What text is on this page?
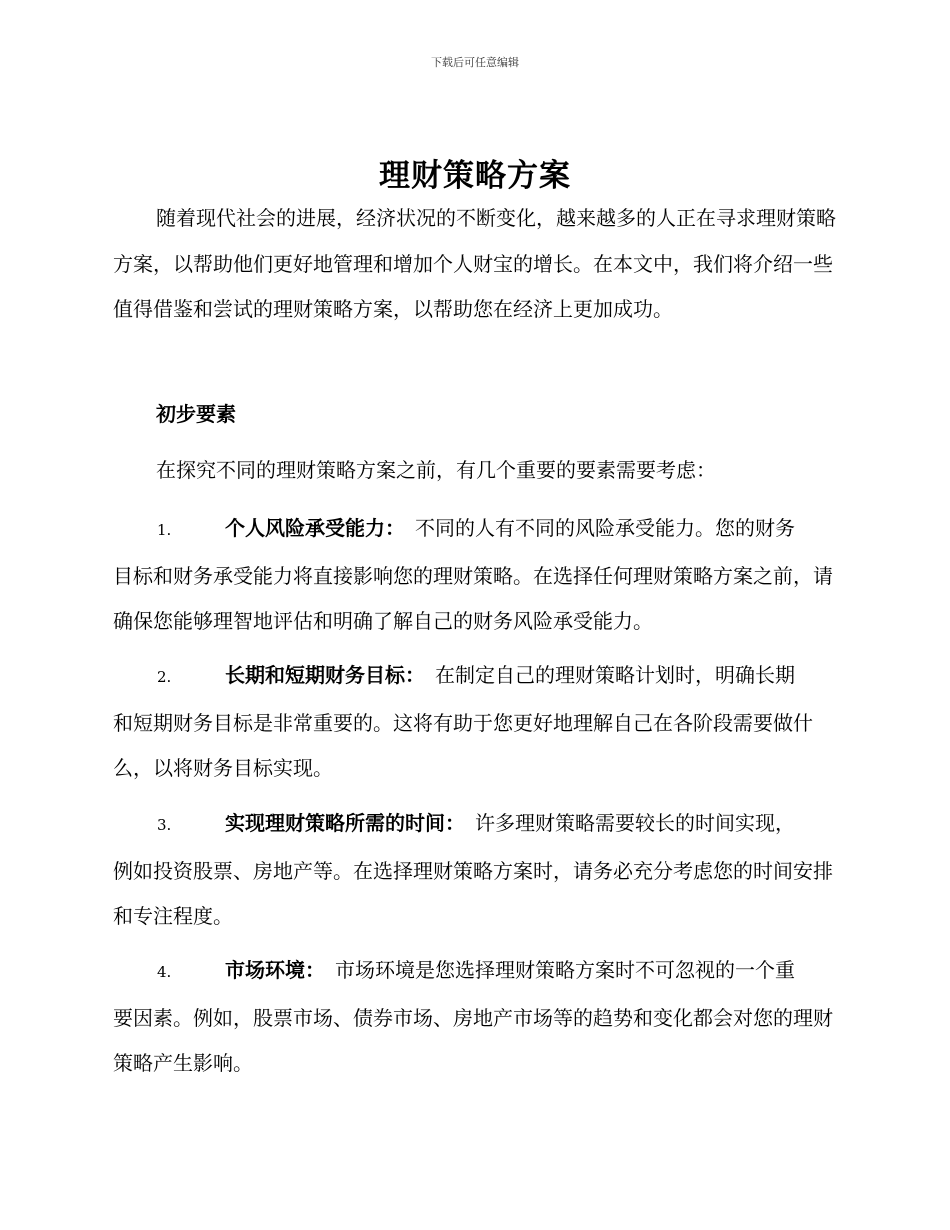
下载后可任意编辑
理财策略方案

随着现代社会的进展，经济状况的不断变化，越来越多的人正在寻求理财策略方案，以帮助他们更好地管理和增加个人财宝的增长。在本文中，我们将介绍一些值得借鉴和尝试的理财策略方案，以帮助您在经济上更加成功。

初步要素
在探究不同的理财策略方案之前，有几个重要的要素需要考虑：
1.	个人风险承受能力： 不同的人有不同的风险承受能力。您的财务
目标和财务承受能力将直接影响您的理财策略。在选择任何理财策略方案之前，请确保您能够理智地评估和明确了解自己的财务风险承受能力。
2.	长期和短期财务目标： 在制定自己的理财策略计划时，明确长期
和短期财务目标是非常重要的。这将有助于您更好地理解自己在各阶段需要做什么，以将财务目标实现。
3.	实现理财策略所需的时间： 许多理财策略需要较长的时间实现，
例如投资股票、房地产等。在选择理财策略方案时，请务必充分考虑您的时间安排和专注程度。
4.	市场环境： 市场环境是您选择理财策略方案时不可忽视的一个重
要因素。例如，股票市场、债券市场、房地产市场等的趋势和变化都会对您的理财策略产生影响。
